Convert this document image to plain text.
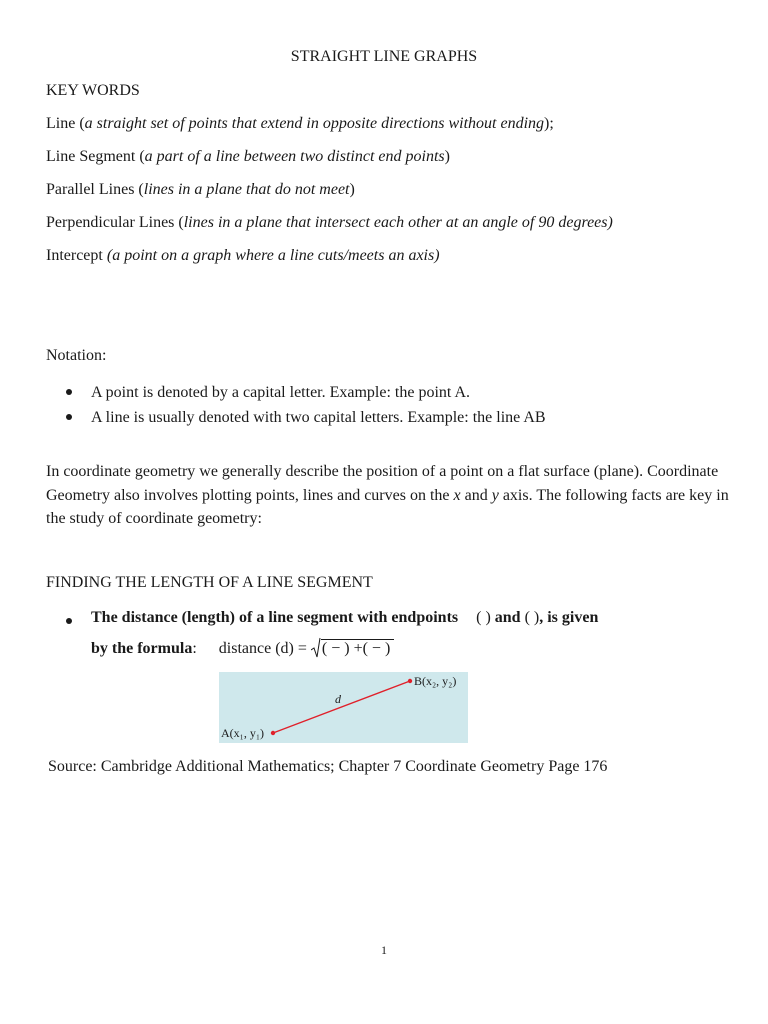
STRAIGHT LINE GRAPHS
KEY WORDS
Line (a straight set of points that extend in opposite directions without ending);
Line Segment (a part of a line between two distinct end points)
Parallel Lines (lines in a plane that do not meet)
Perpendicular Lines (lines in a plane that intersect each other at an angle of 90 degrees)
Intercept (a point on a graph where a line cuts/meets an axis)
Notation:
A point is denoted by a capital letter. Example: the point A.
A line is usually denoted with two capital letters. Example: the line AB
In coordinate geometry we generally describe the position of a point on a flat surface (plane). Coordinate Geometry also involves plotting points, lines and curves on the x and y axis. The following facts are key in the study of coordinate geometry:
FINDING THE LENGTH OF A LINE SEGMENT
The distance (length) of a line segment with endpoints ( ) and ( ), is given
by the formula: distance (d) = ( − ) +( − )
A(x₁, y₁)
B(x₂, y₂)
d
Source: Cambridge Additional Mathematics; Chapter 7 Coordinate Geometry Page 176
1
